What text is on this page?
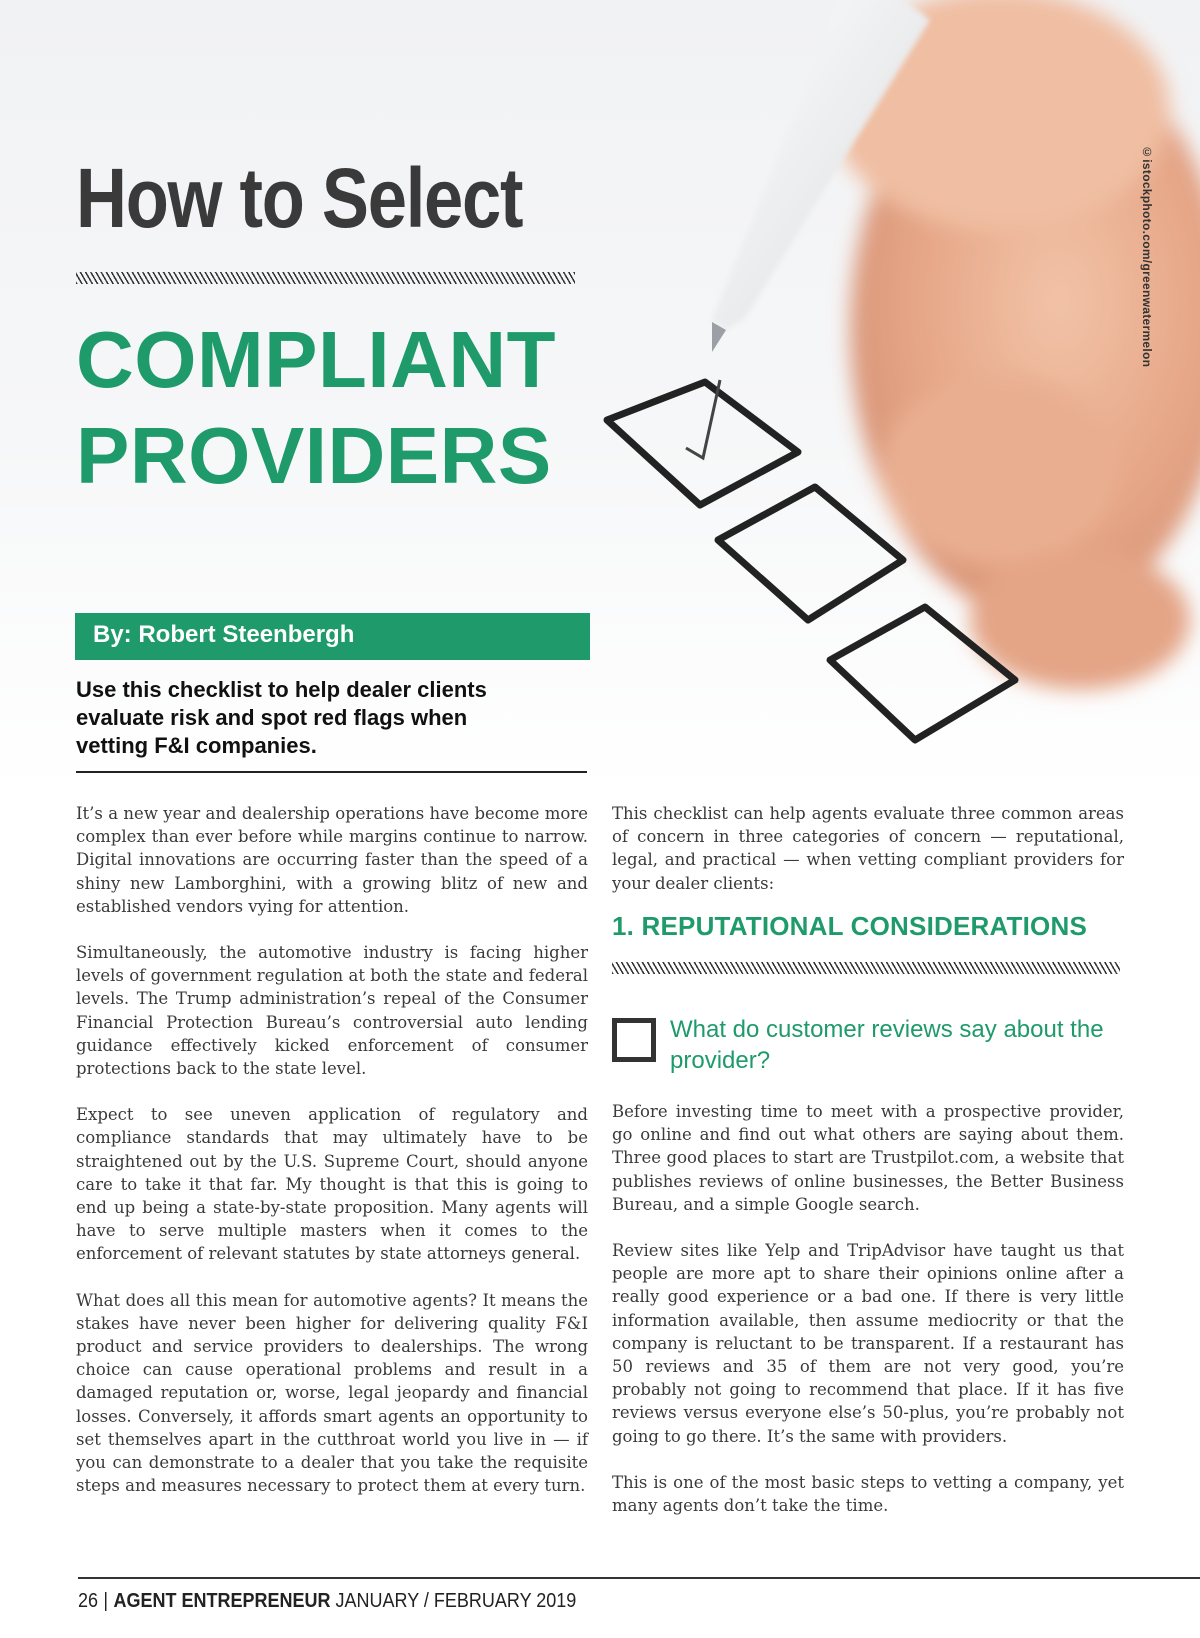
©istockphoto.com/greenwatermelon
How to Select
COMPLIANT
PROVIDERS
By: Robert Steenbergh
Use this checklist to help dealer clients evaluate risk and spot red flags when vetting F&I companies.

It’s a new year and dealership operations have become more complex than ever before while margins continue to narrow. Digital innovations are occurring faster than the speed of a shiny new Lamborghini, with a growing blitz of new and established vendors vying for attention.

Simultaneously, the automotive industry is facing higher levels of government regulation at both the state and federal levels. The Trump administration’s repeal of the Consumer Financial Protection Bureau’s controversial auto lending guidance effectively kicked enforcement of consumer protections back to the state level.

Expect to see uneven application of regulatory and compliance standards that may ultimately have to be straightened out by the U.S. Supreme Court, should anyone care to take it that far. My thought is that this is going to end up being a state-by-state proposition. Many agents will have to serve multiple masters when it comes to the enforcement of relevant statutes by state attorneys general.

What does all this mean for automotive agents? It means the stakes have never been higher for delivering quality F&I product and service providers to dealerships. The wrong choice can cause operational problems and result in a damaged reputation or, worse, legal jeopardy and financial losses. Conversely, it affords smart agents an opportunity to set themselves apart in the cutthroat world you live in — if you can demonstrate to a dealer that you take the requisite steps and measures necessary to protect them at every turn.

This checklist can help agents evaluate three common areas of concern in three categories of concern — reputational, legal, and practical — when vetting compliant providers for your dealer clients:

1. REPUTATIONAL CONSIDERATIONS
What do customer reviews say about the provider?

Before investing time to meet with a prospective provider, go online and find out what others are saying about them. Three good places to start are Trustpilot.com, a website that publishes reviews of online businesses, the Better Business Bureau, and a simple Google search.

Review sites like Yelp and TripAdvisor have taught us that people are more apt to share their opinions online after a really good experience or a bad one. If there is very little information available, then assume mediocrity or that the company is reluctant to be transparent. If a restaurant has 50 reviews and 35 of them are not very good, you’re probably not going to recommend that place. If it has five reviews versus everyone else’s 50-plus, you’re probably not going to go there. It’s the same with providers.

This is one of the most basic steps to vetting a company, yet many agents don’t take the time.

26 | AGENT ENTREPRENEUR JANUARY / FEBRUARY 2019
